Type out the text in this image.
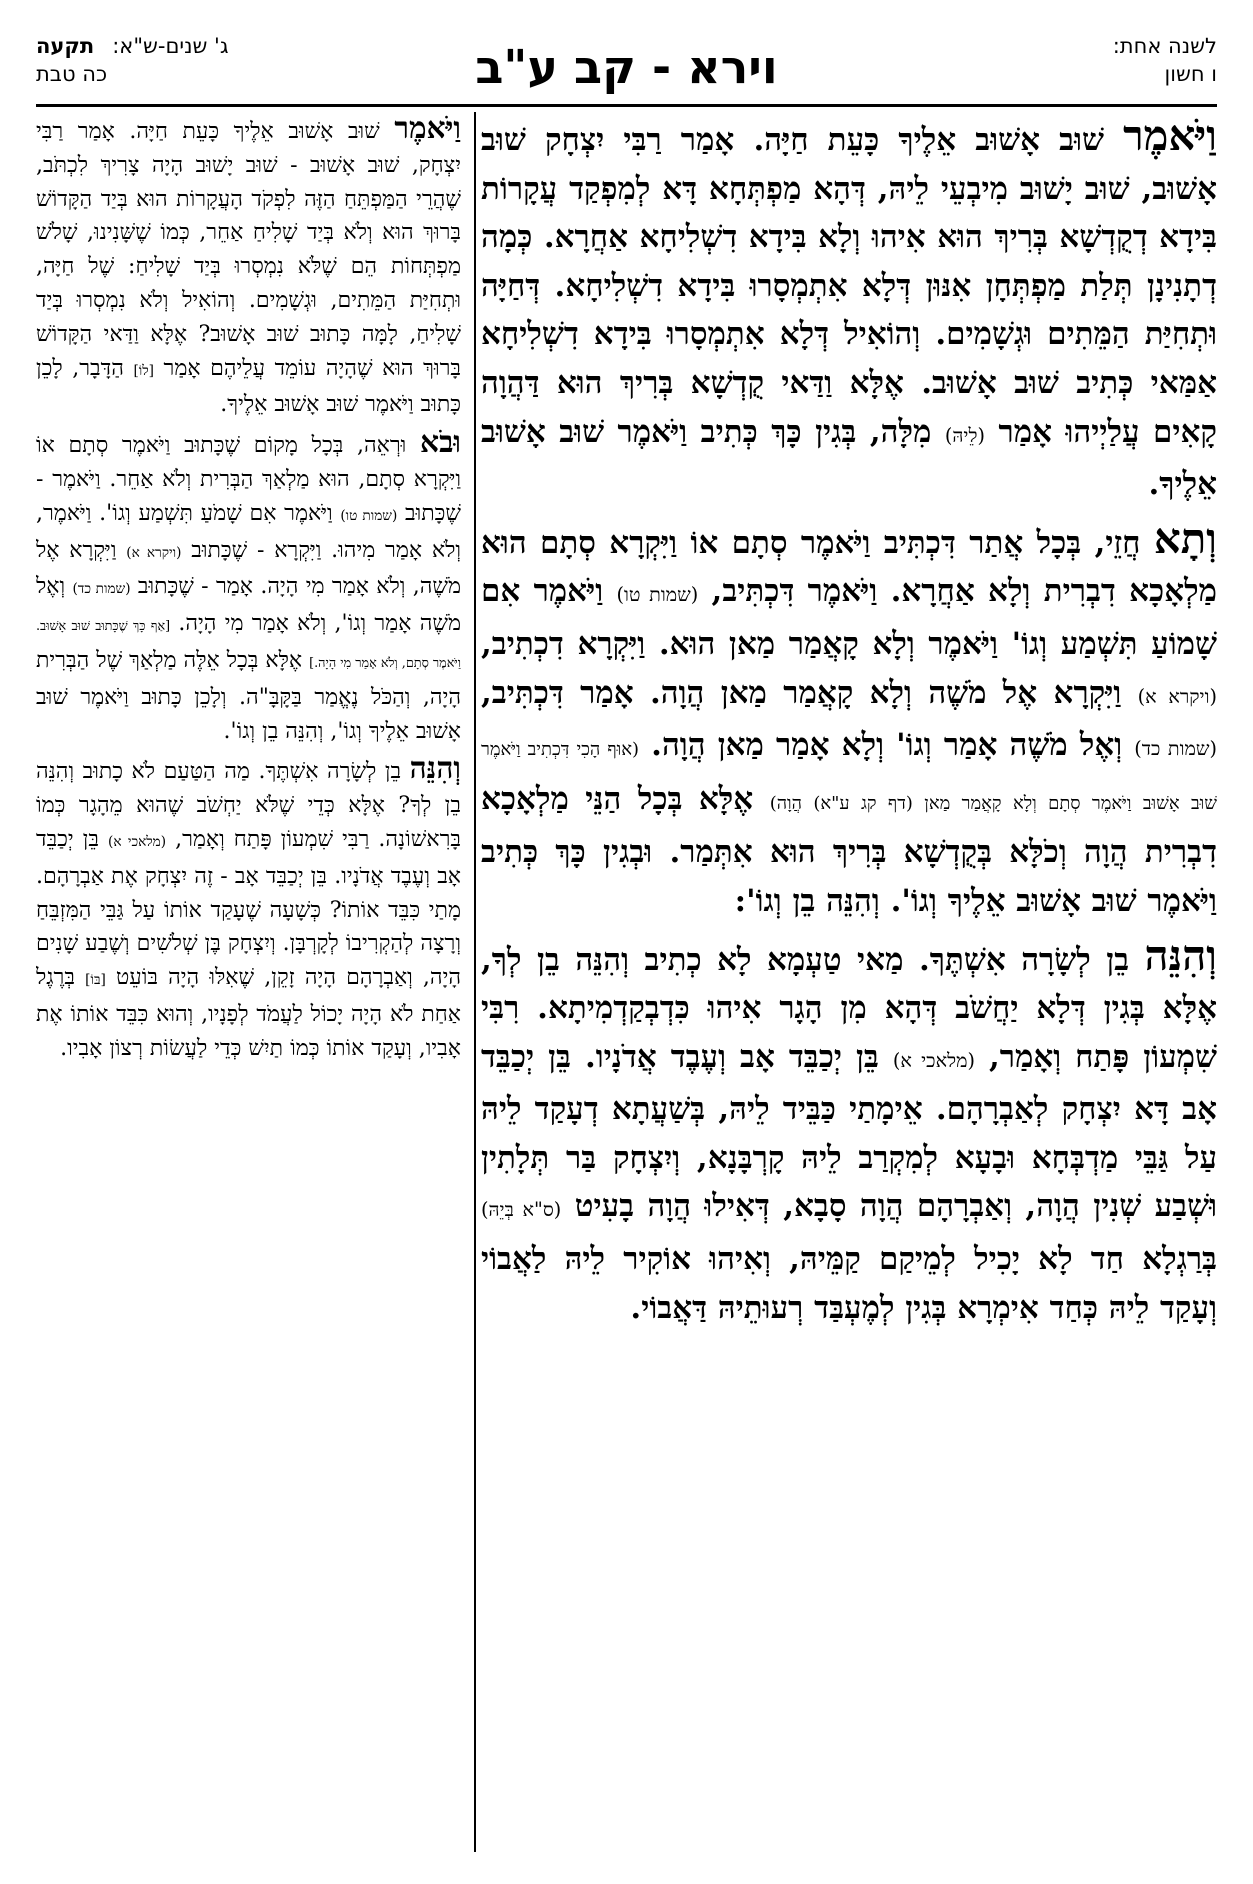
לשנה אחת:
ו חשון
וירא - קב ע"ב
ג' שנים-ש"א:
תקעה
כה טבת

וַיֹּאמֶר שׁוּב אָשׁוּב אֵלֶיךָ כָּעֵת חַיָּה. אָמַר רַבִּי יִצְחָק שׁוּב אָשׁוּב, שׁוּב יָשׁוּב מִיבְעֵי לֵיהּ, דְּהָא מַפְתְּחָא דָּא לְמִפְקַד עֲקָרוֹת בִּידָא דְקֻדְשָׁא בְּרִיךְ הוּא אִיהוּ וְלָא בִּידָא דִשְׁלִיחָא אַחֲרָא. כְּמָה דְתָנִינָן תְּלַת מַפְתְּחָן אִנּוּן דְּלָא אִתְמְסָרוּ בִּידָא דִשְׁלִיחָא. דְּחַיָּה וּתְחִיַּת הַמֵּתִים וּגְשָׁמִים. וְהוֹאִיל דְּלָא אִתְמְסָרוּ בִּידָא דִשְׁלִיחָא אַמַּאי כְּתִיב שׁוּב אָשׁוּב. אֶלָּא וַדַּאי קֻדְשָׁא בְּרִיךְ הוּא דַּהֲוָה קָאִים עֲלַיְיהוּ אָמַר (לֵיהּ) מִלָּה, בְּגִין כָּךְ כְּתִיב וַיֹּאמֶר שׁוּב אָשׁוּב אֵלֶיךָ.

וְתָא חֲזֵי, בְּכָל אֲתַר דִּכְתִּיב וַיֹּאמֶר סְתָם אוֹ וַיִּקְרָא סְתָם הוּא מַלְאָכָא דִבְרִית וְלָא אַחֲרָא. וַיֹּאמֶר דִּכְתִּיב, (שמות טו) וַיֹּאמֶר אִם שָׁמוֹעַ תִּשְׁמַע וְגוֹ' וַיֹּאמֶר וְלָא קָאֲמַר מַאן הוּא. וַיִּקְרָא דִכְתִיב, (ויקרא א) וַיִּקְרָא אֶל מֹשֶׁה וְלָא קָאֲמַר מַאן הֲוָה. אָמַר דִּכְתִּיב, (שמות כד) וְאֶל מֹשֶׁה אָמַר וְגוֹ' וְלָא אָמַר מַאן הֲוָה. (אוּף הָכִי דִּכְתִיב וַיֹּאמֶר שׁוּב אָשׁוּב וַיֹּאמֶר סְתָם וְלָא קָאֲמַר מַאן (דף קג ע"א) הֲוָה) אֶלָּא בְּכָל הַנֵּי מַלְאָכָא דִבְרִית הֲוָה וְכֹלָּא בְּקֻדְשָׁא בְּרִיךְ הוּא אִתְּמַר. וּבְגִין כָּךְ כְּתִיב וַיֹּאמֶר שׁוּב אָשׁוּב אֵלֶיךָ וְגוֹ'. וְהִנֵּה בֵן וְגוֹ':

וְהִנֵּה בֵן לְשָׂרָה אִשְׁתֶּךָ. מַאי טַעְמָא לָא כְתִיב וְהִנֵּה בֵן לְךָ, אֶלָּא בְּגִין דְּלָא יַחֲשֹׁב דְּהָא מִן הָגָר אִיהוּ כִּדְבְקַדְמִיתָא. רִבִּי שִׁמְעוֹן פָּתַח וְאָמַר, (מלאכי א) בֵּן יְכַבֵּד אָב וְעֶבֶד אֲדֹנָיו. בֵּן יְכַבֵּד אָב דָּא יִצְחָק לְאַבְרָהָם. אֵימָתַי כַּבֵּיד לֵיהּ, בְּשַׁעֲתָא דְעָקַד לֵיהּ עַל גַּבֵּי מַדְבְּחָא וּבָעָא לְמִקְרַב לֵיהּ קָרְבָּנָא, וְיִצְחָק בַּר תְּלָתִין וּשְׁבַע שְׁנִין הֲוָה, וְאַבְרָהָם הֲוָה סָבָא, דְּאִילוּ הֲוָה בָעִיט (ס"א בְּיֵהּ) בְּרַגְלָא חַד לָא יָכִיל לְמֵיקַם קַמֵּיהּ, וְאִיהוּ אוֹקִיר לֵיהּ לַאֲבוֹי וְעָקַד לֵיהּ כְּחַד אִימְרָא בְּגִין לְמֶעְבַּד רְעוּתֵיהּ דַּאֲבוֹי.

וַיֹּאמֶר שׁוּב אָשׁוּב אֵלֶיךָ כָּעֵת חַיָּה. אָמַר רַבִּי יִצְחָק, שׁוּב אָשׁוּב - שׁוּב יָשׁוּב הָיָה צָרִיךְ לִכְתֹּב, שֶׁהֲרֵי הַמַּפְתֵּחַ הַזֶּה לִפְקֹד הָעֲקָרוֹת הוּא בְּיַד הַקָּדוֹשׁ בָּרוּךְ הוּא וְלֹא בְּיַד שָׁלִיחַ אַחֵר, כְּמוֹ שֶׁשָּׁנִינוּ, שָׁלֹשׁ מַפְתְּחוֹת הֵם שֶׁלֹּא נִמְסְרוּ בְּיַד שָׁלִיחַ: שֶׁל חַיָּה, וּתְחִיַּת הַמֵּתִים, וּגְשָׁמִים. וְהוֹאִיל וְלֹא נִמְסְרוּ בְּיַד שָׁלִיחַ, לָמָּה כָּתוּב שׁוּב אָשׁוּב? אֶלָּא וַדַּאי הַקָּדוֹשׁ בָּרוּךְ הוּא שֶׁהָיָה עוֹמֵד עֲלֵיהֶם אָמַר [לוֹ] הַדָּבָר, לָכֵן כָּתוּב וַיֹּאמֶר שׁוּב אָשׁוּב אֵלֶיךָ.

וּבֹא וּרְאֵה, בְּכָל מָקוֹם שֶׁכָּתוּב וַיֹּאמֶר סְתָם אוֹ וַיִּקְרָא סְתָם, הוּא מַלְאַךְ הַבְּרִית וְלֹא אַחֵר. וַיֹּאמֶר - שֶׁכָּתוּב (שמות טו) וַיֹּאמֶר אִם שָׁמֹעַ תִּשְׁמַע וְגוֹ'. וַיֹּאמֶר, וְלֹא אָמַר מִיהוּ. וַיִּקְרָא - שֶׁכָּתוּב (ויקרא א) וַיִּקְרָא אֶל מֹשֶׁה, וְלֹא אָמַר מִי הָיָה. אָמַר - שֶׁכָּתוּב (שמות כד) וְאֶל מֹשֶׁה אָמַר וְגוֹ', וְלֹא אָמַר מִי הָיָה. [אַף כָּךְ שֶׁכָּתוּב שׁוּב אָשׁוּב. וַיֹּאמֶר סְתָם, וְלֹא אָמַר מִי הָיָה.] אֶלָּא בְּכָל אֵלֶּה מַלְאַךְ שֶׁל הַבְּרִית הָיָה, וְהַכֹּל נֶאֱמַר בַּקָּבָּ"ה. וְלָכֵן כָּתוּב וַיֹּאמֶר שׁוּב אָשׁוּב אֵלֶיךָ וְגוֹ', וְהִנֵּה בֵן וְגוֹ'.

וְהִנֵּה בֵן לְשָׂרָה אִשְׁתֶּךָ. מַה הַטַּעַם לֹא כָתוּב וְהִנֵּה בֵן לְךָ? אֶלָּא כְּדֵי שֶׁלֹּא יַחְשֹׁב שֶׁהוּא מֵהָגָר כְּמוֹ בָּרִאשׁוֹנָה. רַבִּי שִׁמְעוֹן פָּתַח וְאָמַר, (מלאכי א) בֵּן יְכַבֵּד אָב וְעֶבֶד אֲדֹנָיו. בֵּן יְכַבֵּד אָב - זֶה יִצְחָק אֶת אַבְרָהָם. מָתַי כִּבֵּד אוֹתוֹ? כְּשָׁעָה שֶׁעָקַד אוֹתוֹ עַל גַּבֵּי הַמִּזְבֵּחַ וְרָצָה לְהַקְרִיבוֹ לְקָרְבָּן. וְיִצְחָק בֶּן שְׁלֹשִׁים וְשֶׁבַע שָׁנִים הָיָה, וְאַבְרָהָם הָיָה זָקֵן, שֶׁאִלּוּ הָיָה בּוֹעֵט [בּוֹ] בְּרֶגֶל אַחַת לֹא הָיָה יָכוֹל לַעֲמֹד לְפָנָיו, וְהוּא כִּבֵּד אוֹתוֹ אֶת אָבִיו, וְעָקַד אוֹתוֹ כְּמוֹ תַיִשׁ כְּדֵי לַעֲשׂוֹת רְצוֹן אָבִיו.
